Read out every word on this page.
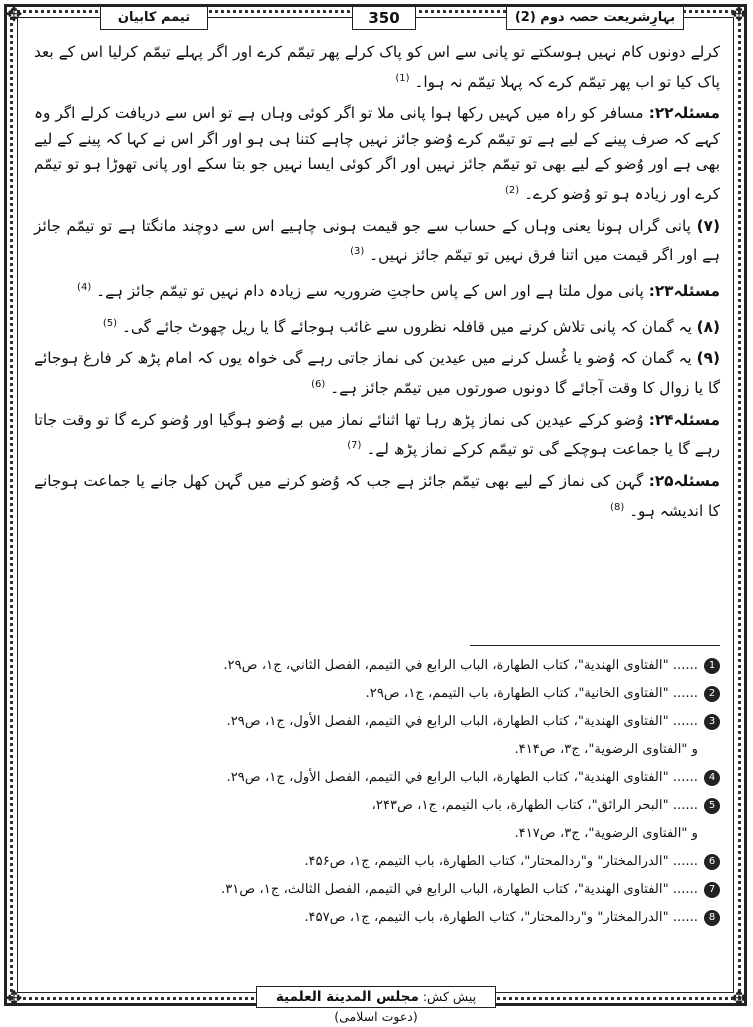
✥	✥
✥	✥
تیمم کابیان	350	بہارِشریعت حصہ دوم (2)

کرلے دونوں کام نہیں ہوسکتے تو پانی سے اس کو پاک کرلے پھر تیمّم کرے اور اگر پہلے تیمّم کرلیا اس کے بعد پاک کیا تو اب پھر تیمّم کرے کہ پہلا تیمّم نہ ہوا۔ $^{(1)}$

مسئلہ۲۲: مسافر کو راہ میں کہیں رکھا ہوا پانی ملا تو اگر کوئی وہاں ہے تو اس سے دریافت کرلے اگر وہ کہے کہ صرف پینے کے لیے ہے تو تیمّم کرے وُضو جائز نہیں چاہے کتنا ہی ہو اور اگر اس نے کہا کہ پینے کے لیے بھی ہے اور وُضو کے لیے بھی تو تیمّم جائز نہیں اور اگر کوئی ایسا نہیں جو بتا سکے اور پانی تھوڑا ہو تو تیمّم کرے اور زیادہ ہو تو وُضو کرے۔ $^{(2)}$

(۷) پانی گراں ہونا یعنی وہاں کے حساب سے جو قیمت ہونی چاہیے اس سے دوچند مانگتا ہے تو تیمّم جائز ہے اور اگر قیمت میں اتنا فرق نہیں تو تیمّم جائز نہیں۔ $^{(3)}$

مسئلہ۲۳: پانی مول ملتا ہے اور اس کے پاس حاجتِ ضروریہ سے زیادہ دام نہیں تو تیمّم جائز ہے۔ $^{(4)}$

(۸) یہ گمان کہ پانی تلاش کرنے میں قافلہ نظروں سے غائب ہوجائے گا یا ریل چھوٹ جائے گی۔ $^{(5)}$

(۹) یہ گمان کہ وُضو یا غُسل کرنے میں عیدین کی نماز جاتی رہے گی خواہ یوں کہ امام پڑھ کر فارغ ہوجائے گا یا زوال کا وقت آجائے گا دونوں صورتوں میں تیمّم جائز ہے۔ $^{(6)}$

مسئلہ۲۴: وُضو کرکے عیدین کی نماز پڑھ رہا تھا اثنائے نماز میں بے وُضو ہوگیا اور وُضو کرے گا تو وقت جاتا رہے گا یا جماعت ہوچکے گی تو تیمّم کرکے نماز پڑھ لے۔ $^{(7)}$

مسئلہ۲۵: گہن کی نماز کے لیے بھی تیمّم جائز ہے جب کہ وُضو کرنے میں گہن کھل جانے یا جماعت ہوجانے کا اندیشہ ہو۔ $^{(8)}$

1
...... "الفتاوی الهندیة"، کتاب الطهارة، الباب الرابع في التیمم، الفصل الثاني، ج۱، ص۲۹.
2
...... "الفتاوی الخانیة"، کتاب الطهارة، باب التیمم، ج۱، ص۲۹.
3
...... "الفتاوی الهندیة"، کتاب الطهارة، الباب الرابع في التیمم، الفصل الأول، ج۱، ص۲۹.
و "الفتاوی الرضویة"، ج۳، ص۴۱۴.
4
...... "الفتاوی الهندیة"، کتاب الطهارة، الباب الرابع في التیمم، الفصل الأول، ج۱، ص۲۹.
5
...... "البحر الرائق"، کتاب الطهارة، باب التیمم، ج۱، ص۲۴۳،
و "الفتاوی الرضویة"، ج۳، ص۴۱۷.
6
...... "الدرالمختار" و"ردالمحتار"، کتاب الطهارة، باب التیمم، ج۱، ص۴۵۶.
7
...... "الفتاوی الهندیة"، کتاب الطهارة، الباب الرابع في التیمم، الفصل الثالث، ج۱، ص۳۱.
8
...... "الدرالمختار" و"ردالمحتار"، کتاب الطهارة، باب التیمم، ج۱، ص۴۵۷.
پیش کش: مجلس المدینة العلمیة (دعوت اسلامی)
